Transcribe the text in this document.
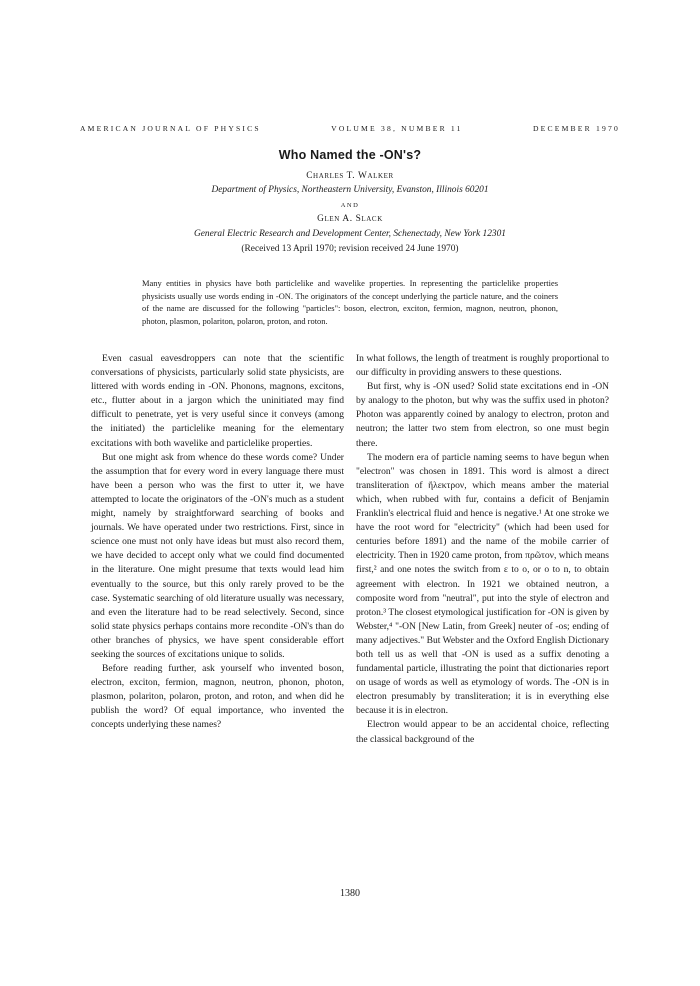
AMERICAN JOURNAL OF PHYSICS	VOLUME 38, NUMBER 11	DECEMBER 1970
Who Named the -ON's?
Charles T. Walker
Department of Physics, Northeastern University, Evanston, Illinois 60201
AND
Glen A. Slack
General Electric Research and Development Center, Schenectady, New York 12301
(Received 13 April 1970; revision received 24 June 1970)
Many entities in physics have both particlelike and wavelike properties. In representing the particlelike properties physicists usually use words ending in -ON. The originators of the concept underlying the particle nature, and the coiners of the name are discussed for the following "particles": boson, electron, exciton, fermion, magnon, neutron, phonon, photon, plasmon, polariton, polaron, proton, and roton.

Even casual eavesdroppers can note that the scientific conversations of physicists, particularly solid state physicists, are littered with words ending in -ON. Phonons, magnons, excitons, etc., flutter about in a jargon which the uninitiated may find difficult to penetrate, yet is very useful since it conveys (among the initiated) the particlelike meaning for the elementary excitations with both wavelike and particlelike properties.

But one might ask from whence do these words come? Under the assumption that for every word in every language there must have been a person who was the first to utter it, we have attempted to locate the originators of the -ON's much as a student might, namely by straightforward searching of books and journals. We have operated under two restrictions. First, since in science one must not only have ideas but must also record them, we have decided to accept only what we could find documented in the literature. One might presume that texts would lead him eventually to the source, but this only rarely proved to be the case. Systematic searching of old literature usually was necessary, and even the literature had to be read selectively. Second, since solid state physics perhaps contains more recondite -ON's than do other branches of physics, we have spent considerable effort seeking the sources of excitations unique to solids.

Before reading further, ask yourself who invented boson, electron, exciton, fermion, magnon, neutron, phonon, photon, plasmon, polariton, polaron, proton, and roton, and when did he publish the word? Of equal importance, who invented the concepts underlying these names?

In what follows, the length of treatment is roughly proportional to our difficulty in providing answers to these questions.

But first, why is -ON used? Solid state excitations end in -ON by analogy to the photon, but why was the suffix used in photon? Photon was apparently coined by analogy to electron, proton and neutron; the latter two stem from electron, so one must begin there.

The modern era of particle naming seems to have begun when "electron" was chosen in 1891. This word is almost a direct transliteration of ἤλεκτρον, which means amber the material which, when rubbed with fur, contains a deficit of Benjamin Franklin's electrical fluid and hence is negative.¹ At one stroke we have the root word for "electricity" (which had been used for centuries before 1891) and the name of the mobile carrier of electricity. Then in 1920 came proton, from πρῶτον, which means first,² and one notes the switch from ε to ο, or o to n, to obtain agreement with electron. In 1921 we obtained neutron, a composite word from "neutral", put into the style of electron and proton.³ The closest etymological justification for -ON is given by Webster,⁴ "-ON [New Latin, from Greek] neuter of -os; ending of many adjectives." But Webster and the Oxford English Dictionary both tell us as well that -ON is used as a suffix denoting a fundamental particle, illustrating the point that dictionaries report on usage of words as well as etymology of words. The -ON is in electron presumably by transliteration; it is in everything else because it is in electron.

Electron would appear to be an accidental choice, reflecting the classical background of the

1380
